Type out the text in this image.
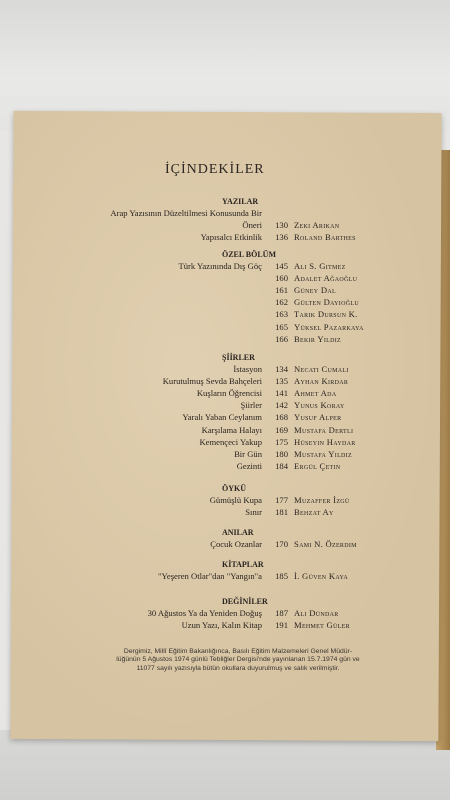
İÇİNDEKİLER
YAZILAR
Arap Yazısının Düzeltilmesi Konusunda Bir
Öneri	130 Zeki Arıkan
Yapısalcı Etkinlik	136 Roland Barthes
ÖZEL BÖLÜM
Türk Yazınında Dış Göç	145 Ali S. Gitmez
160 Adalet Ağaoğlu
161 Güney Dal
162 Gülten Dayıoğlu
163 Tarık Dursun K.
165 Yüksel Pazarkaya
166 Bekir Yıldız
ŞİİRLER
İstasyon	134 Necati Cumalı
Kurutulmuş Sevda Bahçeleri	135 Ayhan Kırdar
Kuşların Öğrencisi	141 Ahmet Ada
Şiirler	142 Yunus Koray
Yaralı Yaban Ceylanım	168 Yusuf Alper
Karşılama Halayı	169 Mustafa Dertli
Kemençeci Yakup	175 Hüseyin Haydar
Bir Gün	180 Mustafa Yıldız
Gezinti	184 Ergül Çetin
ÖYKÜ
Gümüşlü Kupa	177 Muzaffer İzgü
Sınır	181 Behzat Ay
ANILAR
Çocuk Ozanlar	170 Sami N. Özerdim
KİTAPLAR
"Yeşeren Otlar"dan "Yangın"a	185 İ. Güven Kaya
DEĞİNİLER
30 Ağustos Ya da Yeniden Doğuş	187 Ali Dündar
Uzun Yazı, Kalın Kitap	191 Mehmet Güler
Dergimiz, Millî Eğitim Bakanlığınca, Basılı Eğitim Malzemeleri Genel Müdür-
lüğünün 5 Ağustos 1974 günlü Tebliğler Dergisi'nde yayınlanan 15.7.1974 gün ve
11077 sayılı yazısıyla bütün okullara duyurulmuş ve salık verilmiştir.
